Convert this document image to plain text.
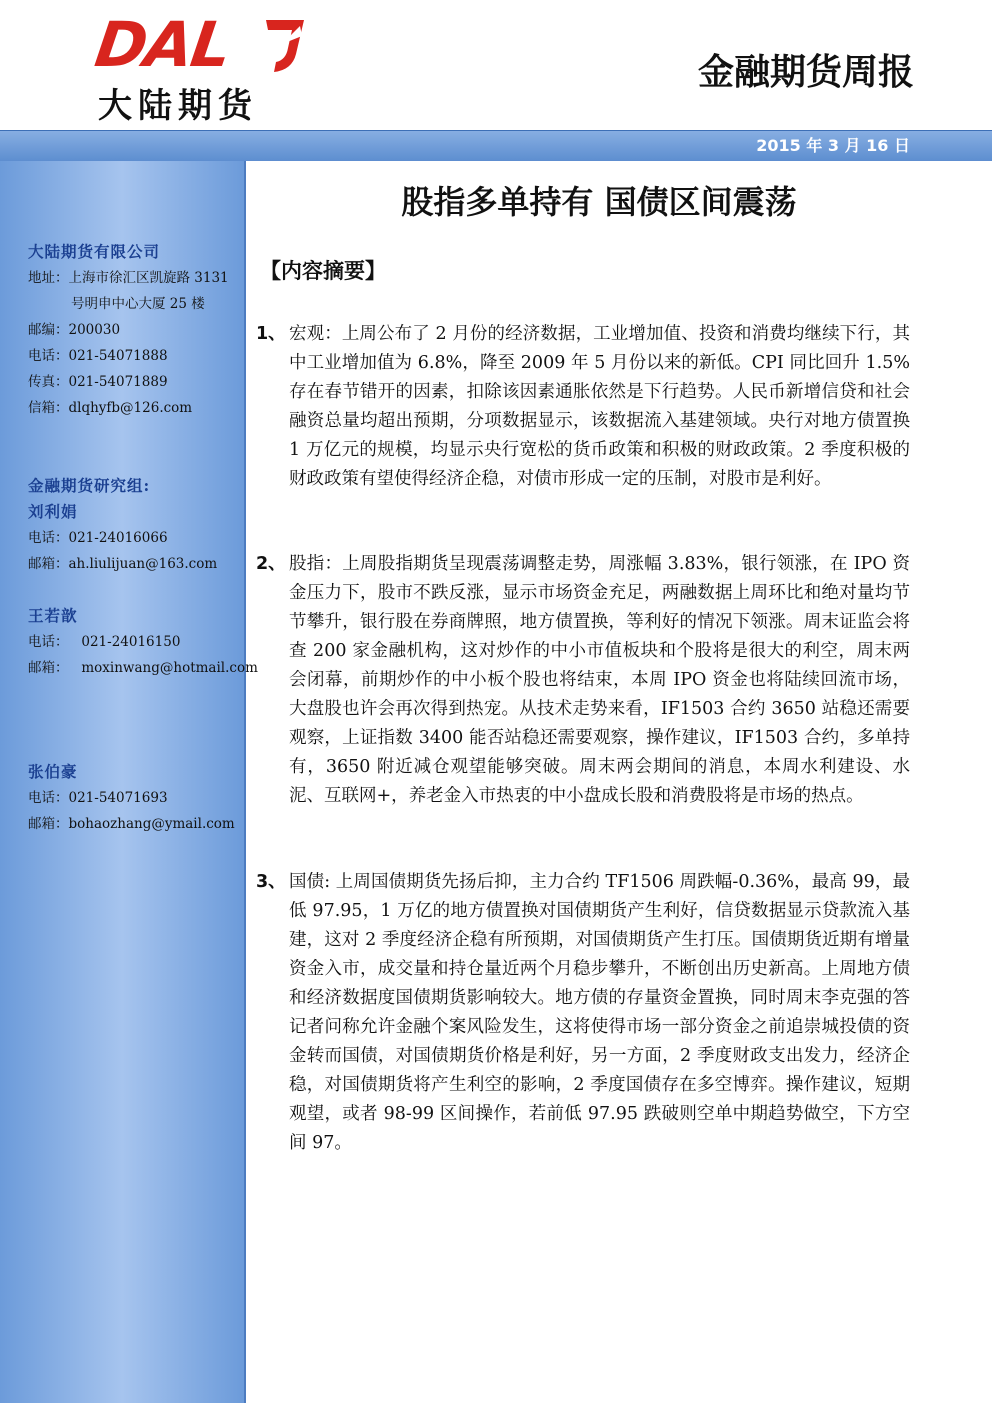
DAL
大陆期货
金融期货周报
2015 年 3 月 16 日
大陆期货有限公司
地址：上海市徐汇区凯旋路 3131
号明申中心大厦 25 楼
邮编：200030
电话：021-54071888
传真：021-54071889
信箱：dlqhyfb@126.com
金融期货研究组:
刘利娟
电话：021-24016066
邮箱：ah.liulijuan@163.com
王若歆
电话：   021-24016150
邮箱：   moxinwang@hotmail.com
张伯豪
电话：021-54071693
邮箱：bohaozhang@ymail.com
股指多单持有 国债区间震荡
【内容摘要】
1、 宏观：上周公布了 2 月份的经济数据，工业增加值、投资和消费均继续下行，其中工业增加值为 6.8%，降至 2009 年 5 月份以来的新低。CPI 同比回升 1.5%存在春节错开的因素，扣除该因素通胀依然是下行趋势。人民币新增信贷和社会融资总量均超出预期，分项数据显示，该数据流入基建领域。央行对地方债置换 1 万亿元的规模，均显示央行宽松的货币政策和积极的财政政策。2 季度积极的财政政策有望使得经济企稳，对债市形成一定的压制，对股市是利好。
2、 股指：上周股指期货呈现震荡调整走势，周涨幅 3.83%，银行领涨，在 IPO 资金压力下，股市不跌反涨，显示市场资金充足，两融数据上周环比和绝对量均节节攀升，银行股在券商牌照，地方债置换，等利好的情况下领涨。周末证监会将查 200 家金融机构，这对炒作的中小市值板块和个股将是很大的利空，周末两会闭幕，前期炒作的中小板个股也将结束，本周 IPO 资金也将陆续回流市场，大盘股也许会再次得到热宠。从技术走势来看，IF1503 合约 3650 站稳还需要观察，上证指数 3400 能否站稳还需要观察，操作建议，IF1503 合约，多单持有，3650 附近减仓观望能够突破。周末两会期间的消息，本周水利建设、水泥、互联网+，养老金入市热衷的中小盘成长股和消费股将是市场的热点。
3、 国债: 上周国债期货先扬后抑，主力合约 TF1506 周跌幅-0.36%，最高 99，最低 97.95，1 万亿的地方债置换对国债期货产生利好，信贷数据显示贷款流入基建，这对 2 季度经济企稳有所预期，对国债期货产生打压。国债期货近期有增量资金入市，成交量和持仓量近两个月稳步攀升，不断创出历史新高。上周地方债和经济数据度国债期货影响较大。地方债的存量资金置换，同时周末李克强的答记者问称允许金融个案风险发生，这将使得市场一部分资金之前追崇城投债的资金转而国债，对国债期货价格是利好，另一方面，2 季度财政支出发力，经济企稳，对国债期货将产生利空的影响，2 季度国债存在多空博弈。操作建议，短期观望，或者 98-99 区间操作，若前低 97.95 跌破则空单中期趋势做空，下方空间 97。
